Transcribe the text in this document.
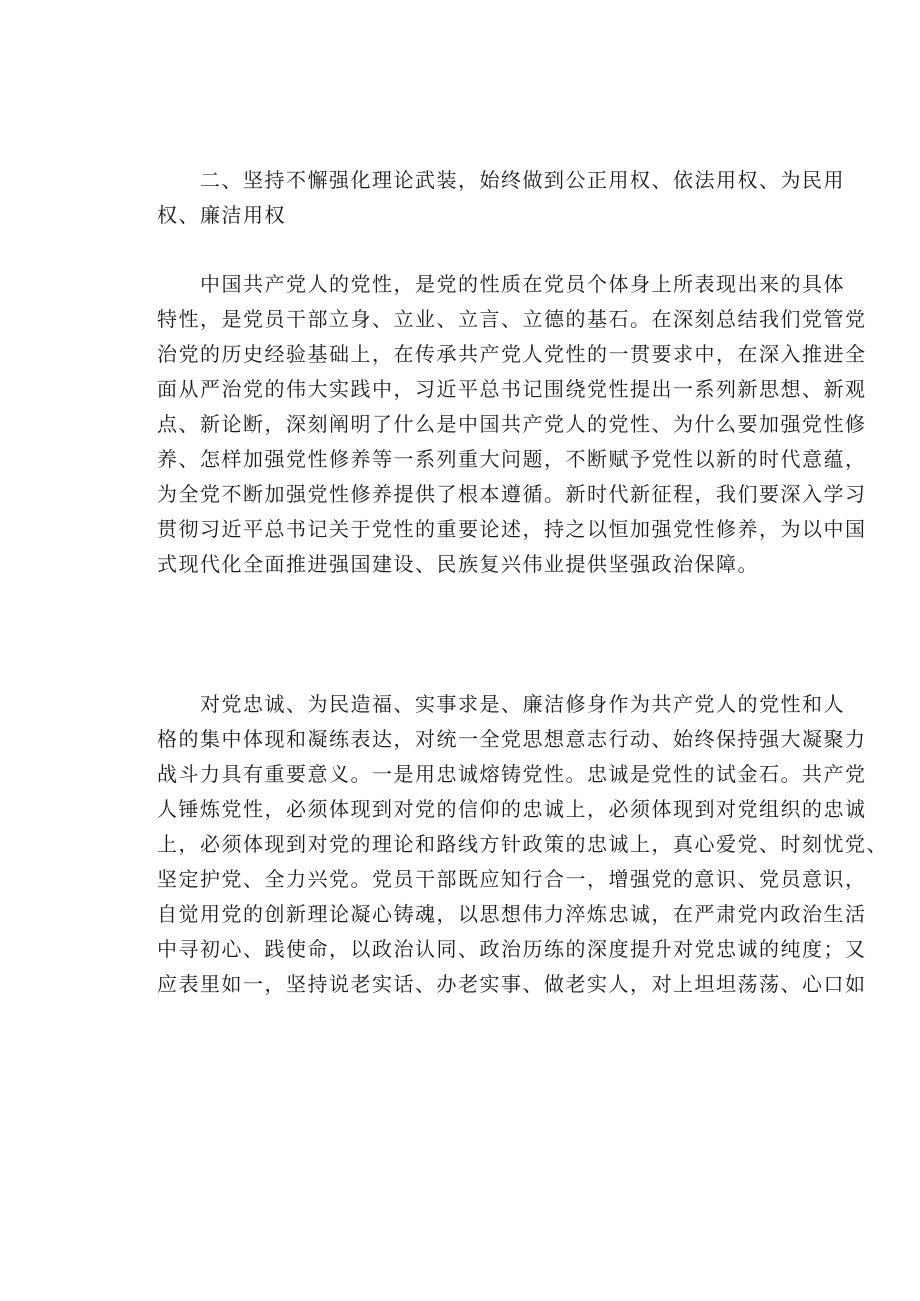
　　二、坚持不懈强化理论武装，始终做到公正用权、依法用权、为民用
权、廉洁用权

　　中国共产党人的党性，是党的性质在党员个体身上所表现出来的具体
特性，是党员干部立身、立业、立言、立德的基石。在深刻总结我们党管党
治党的历史经验基础上，在传承共产党人党性的一贯要求中，在深入推进全
面从严治党的伟大实践中，习近平总书记围绕党性提出一系列新思想、新观
点、新论断，深刻阐明了什么是中国共产党人的党性、为什么要加强党性修
养、怎样加强党性修养等一系列重大问题，不断赋予党性以新的时代意蕴，
为全党不断加强党性修养提供了根本遵循。新时代新征程，我们要深入学习
贯彻习近平总书记关于党性的重要论述，持之以恒加强党性修养，为以中国
式现代化全面推进强国建设、民族复兴伟业提供坚强政治保障。

　　对党忠诚、为民造福、实事求是、廉洁修身作为共产党人的党性和人
格的集中体现和凝练表达，对统一全党思想意志行动、始终保持强大凝聚力
战斗力具有重要意义。一是用忠诚熔铸党性。忠诚是党性的试金石。共产党
人锤炼党性，必须体现到对党的信仰的忠诚上，必须体现到对党组织的忠诚
上，必须体现到对党的理论和路线方针政策的忠诚上，真心爱党、时刻忧党、
坚定护党、全力兴党。党员干部既应知行合一，增强党的意识、党员意识，
自觉用党的创新理论凝心铸魂，以思想伟力淬炼忠诚，在严肃党内政治生活
中寻初心、践使命，以政治认同、政治历练的深度提升对党忠诚的纯度；又
应表里如一，坚持说老实话、办老实事、做老实人，对上坦坦荡荡、心口如
